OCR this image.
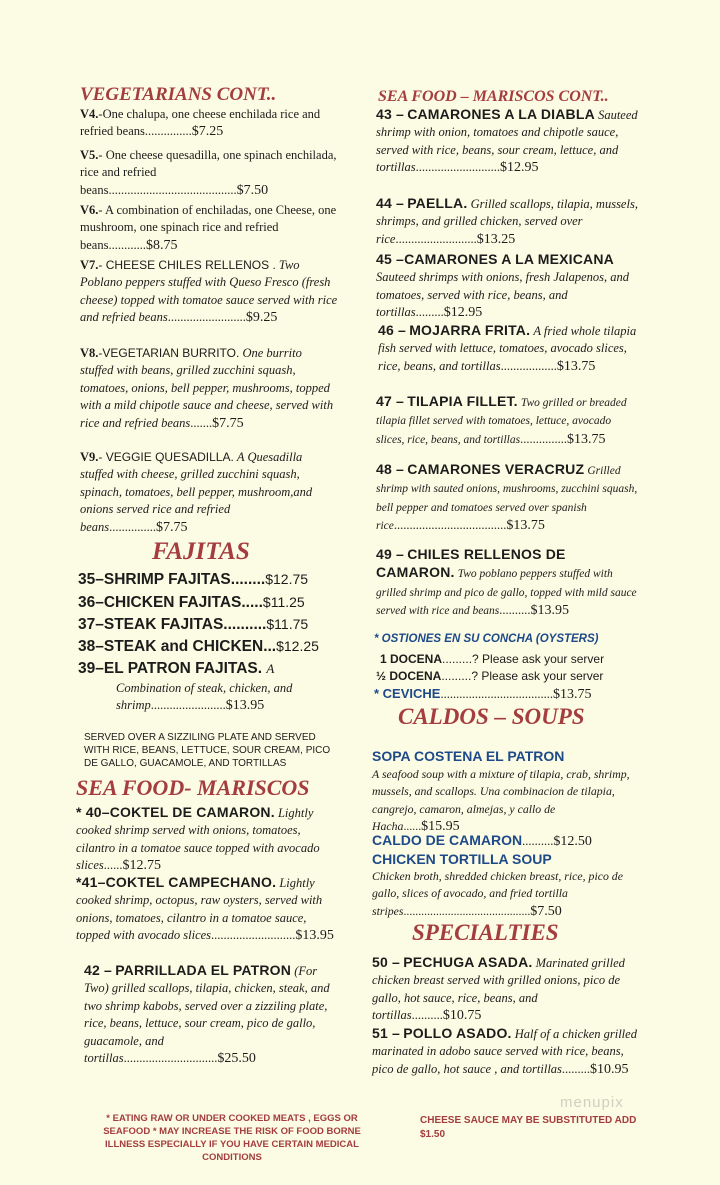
VEGETARIANS CONT..
V4.-One chalupa, one cheese enchilada rice and refried beans...............$7.25
V5.- One cheese quesadilla, one spinach enchilada, rice and refried beans.........................................$7.50
V6.- A combination of enchiladas, one Cheese, one mushroom, one spinach rice and refried beans............$8.75
V7.- CHEESE CHILES RELLENOS . Two Poblano peppers stuffed with Queso Fresco (fresh cheese) topped with tomatoe sauce served with rice and refried beans.........................$9.25
V8.-VEGETARIAN BURRITO. One burrito stuffed with beans, grilled zucchini squash, tomatoes, onions, bell pepper, mushrooms, topped with a mild chipotle sauce and cheese, served with rice and refried beans.......$7.75
V9.- VEGGIE QUESADILLA. A Quesadilla stuffed with cheese, grilled zucchini squash, spinach, tomatoes, bell pepper, mushroom,and onions served rice and refried beans...............$7.75
FAJITAS
35–SHRIMP FAJITAS........$12.75
36–CHICKEN FAJITAS.....$11.25
37–STEAK FAJITAS..........$11.75
38–STEAK and CHICKEN...$12.25
39–EL PATRON FAJITAS. A
Combination of steak, chicken, and shrimp........................$13.95
SERVED OVER A SIZZILING PLATE AND SERVED WITH RICE, BEANS, LETTUCE, SOUR CREAM, PICO DE GALLO, GUACAMOLE, AND TORTILLAS
SEA FOOD- MARISCOS
* 40–COKTEL DE CAMARON. Lightly cooked shrimp served with onions, tomatoes, cilantro in a tomatoe sauce topped with avocado slices......$12.75
*41–COKTEL CAMPECHANO. Lightly cooked shrimp, octopus, raw oysters, served with onions, tomatoes, cilantro in a tomatoe sauce, topped with avocado slices...........................$13.95
42 – PARRILLADA EL PATRON (For Two) grilled scallops, tilapia, chicken, steak, and two shrimp kabobs, served over a zizziling plate, rice, beans, lettuce, sour cream, pico de gallo, guacamole, and tortillas..............................$25.50
SEA FOOD – MARISCOS CONT..
43 – CAMARONES A LA DIABLA Sauteed shrimp with onion, tomatoes and chipotle sauce, served with rice, beans, sour cream, lettuce, and tortillas...........................$12.95
44 – PAELLA. Grilled scallops, tilapia, mussels, shrimps, and grilled chicken, served over rice..........................$13.25
45 –CAMARONES A LA MEXICANA Sauteed shrimps with onions, fresh Jalapenos, and tomatoes, served with rice, beans, and tortillas.........$12.95
46 – MOJARRA FRITA. A fried whole tilapia fish served with lettuce, tomatoes, avocado slices, rice, beans, and tortillas..................$13.75
47 – TILAPIA FILLET. Two grilled or breaded tilapia fillet served with tomatoes, lettuce, avocado slices, rice, beans, and tortillas...............$13.75
48 – CAMARONES VERACRUZ Grilled shrimp with sauted onions, mushrooms, zucchini squash, bell pepper and tomatoes served over spanish rice....................................$13.75
49 – CHILES RELLENOS DE CAMARON. Two poblano peppers stuffed with grilled shrimp and pico de gallo, topped with mild sauce served with rice and beans..........$13.95
* OSTIONES EN SU CONCHA (OYSTERS)
1 DOCENA.........? Please ask your server
½ DOCENA.........? Please ask your server
* CEVICHE....................................$13.75
CALDOS – SOUPS
SOPA COSTENA EL PATRON
A seafood soup with a mixture of tilapia, crab, shrimp, mussels, and scallops. Una combinacion de tilapia, cangrejo, camaron, almejas, y callo de Hacha......$15.95
CALDO DE CAMARON..........$12.50
CHICKEN TORTILLA SOUP
Chicken broth, shredded chicken breast, rice, pico de gallo, slices of avocado, and fried tortilla stripes...........................................$7.50
SPECIALTIES
50 – PECHUGA ASADA. Marinated grilled chicken breast served with grilled onions, pico de gallo, hot sauce, rice, beans, and tortillas..........$10.75
51 – POLLO ASADO. Half of a chicken grilled marinated in adobo sauce served with rice, beans, pico de gallo, hot sauce , and tortillas.........$10.95
menupix
* EATING RAW OR UNDER COOKED MEATS , EGGS OR SEAFOOD * MAY INCREASE THE RISK OF FOOD BORNE ILLNESS ESPECIALLY IF YOU HAVE CERTAIN MEDICAL CONDITIONS
CHEESE SAUCE MAY BE SUBSTITUTED ADD $1.50
